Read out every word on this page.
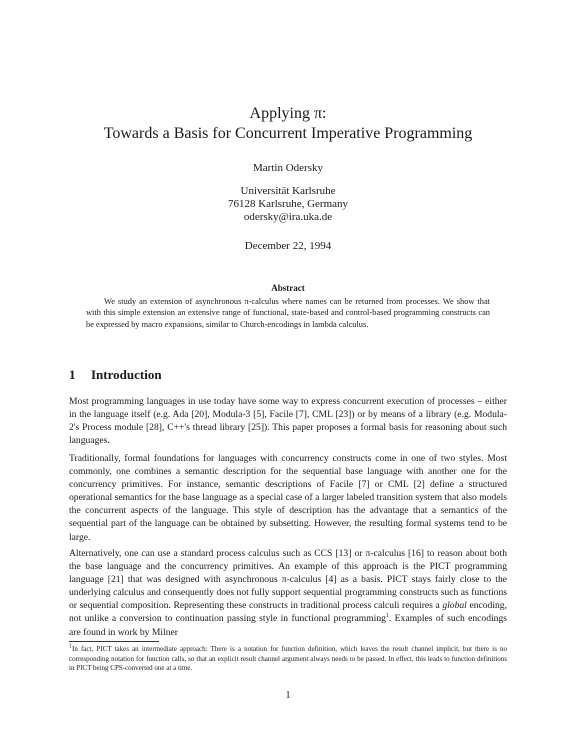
Applying π:
Towards a Basis for Concurrent Imperative Programming
Martin Odersky
Universität Karlsruhe
76128 Karlsruhe, Germany
odersky@ira.uka.de
December 22, 1994
Abstract
We study an extension of asynchronous π-calculus where names can be returned from processes. We show that with this simple extension an extensive range of functional, state-based and control-based programming constructs can be expressed by macro expansions, similar to Church-encodings in lambda calculus.
1 Introduction
Most programming languages in use today have some way to express concurrent execution of processes – either in the language itself (e.g. Ada [20], Modula-3 [5], Facile [7], CML [23]) or by means of a library (e.g. Modula-2's Process module [28], C++'s thread library [25]). This paper proposes a formal basis for reasoning about such languages.
Traditionally, formal foundations for languages with concurrency constructs come in one of two styles. Most commonly, one combines a semantic description for the sequential base language with another one for the concurrency primitives. For instance, semantic descriptions of Facile [7] or CML [2] define a structured operational semantics for the base language as a special case of a larger labeled transition system that also models the concurrent aspects of the language. This style of description has the advantage that a semantics of the sequential part of the language can be obtained by subsetting. However, the resulting formal systems tend to be large.
Alternatively, one can use a standard process calculus such as CCS [13] or π-calculus [16] to reason about both the base language and the concurrency primitives. An example of this approach is the PICT programming language [21] that was designed with asynchronous π-calculus [4] as a basis. PICT stays fairly close to the underlying calculus and consequently does not fully support sequential programming constructs such as functions or sequential composition. Representing these constructs in traditional process calculi requires a global encoding, not unlike a conversion to continuation passing style in functional programming$^1$. Examples of such encodings are found in work by Milner
$^1$In fact, PICT takes an intermediate approach: There is a notation for function definition, which leaves the result channel implicit, but there is no corresponding notation for function calls, so that an explicit result channel argument always needs to be passed. In effect, this leads to function definitions in PICT being CPS-converted one at a time.
1
